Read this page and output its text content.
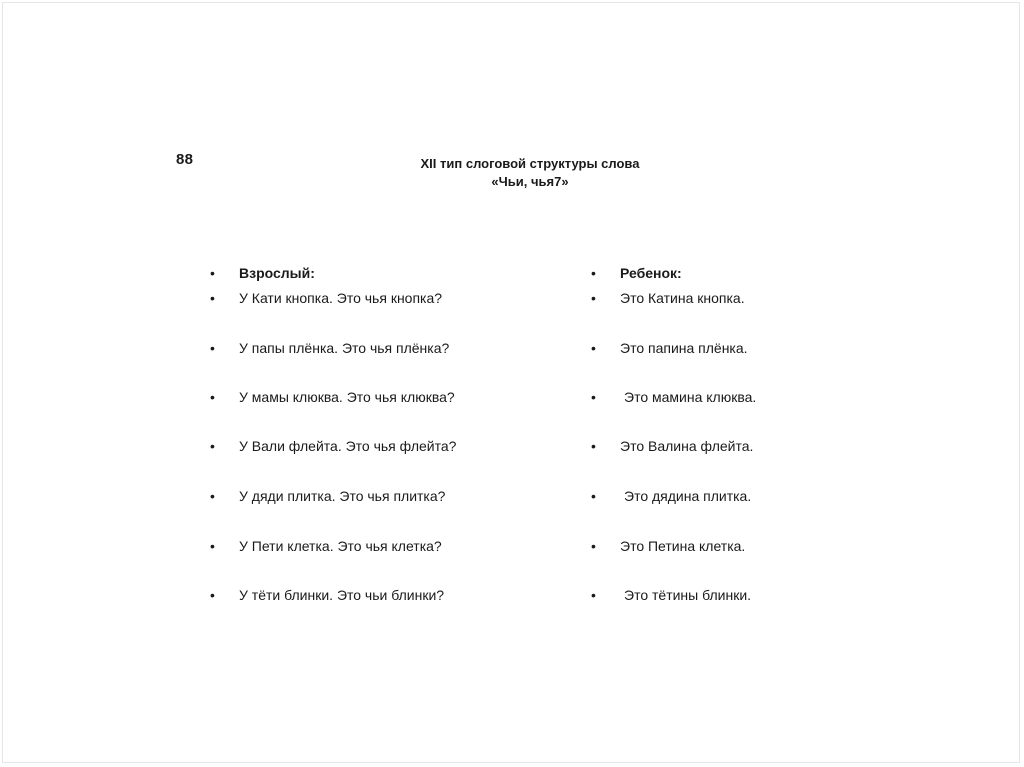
88	XII тип слоговой структуры слова
«Чьи, чья7»
• Взрослый:
• У Кати кнопка. Это чья кнопка?
• У папы плёнка. Это чья плёнка?
• У мамы клюква. Это чья клюква?
• У Вали флейта. Это чья флейта?
• У дяди плитка. Это чья плитка?
• У Пети клетка. Это чья клетка?
• У тёти блинки. Это чьи блинки?
• Ребенок:
• Это Катина кнопка.
• Это папина плёнка.
• Это мамина клюква.
• Это Валина флейта.
• Это дядина плитка.
• Это Петина клетка.
• Это тётины блинки.
